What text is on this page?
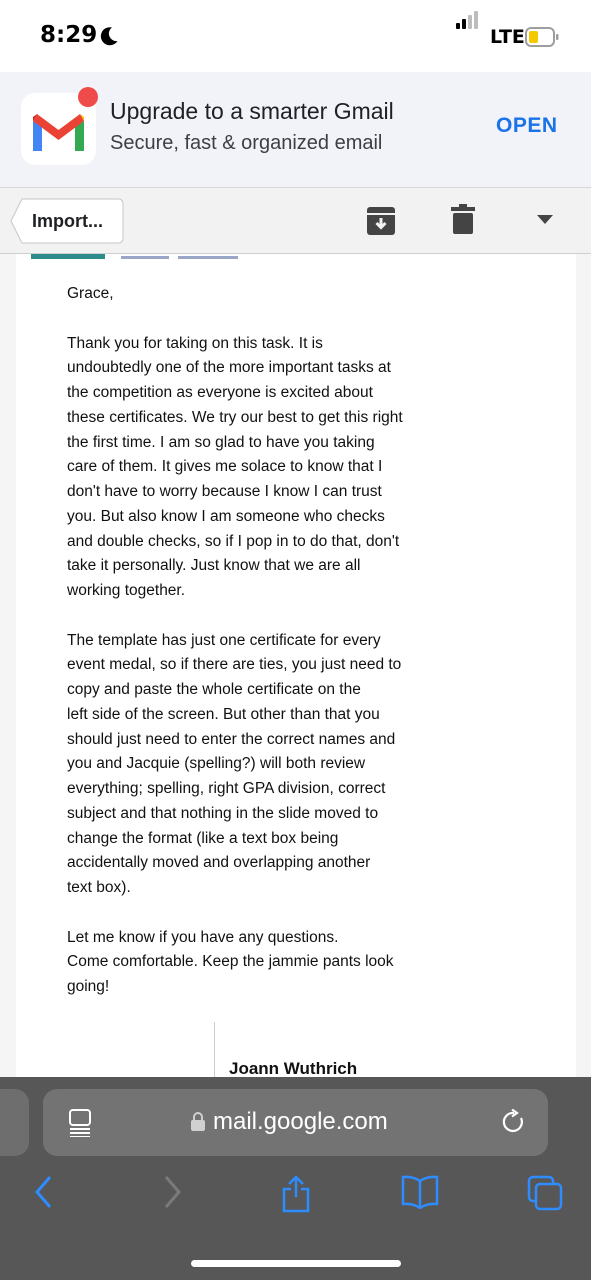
8:29	LTE
Upgrade to a smarter Gmail
Secure, fast & organized email
OPEN
Import...

Grace,

Thank you for taking on this task. It is
undoubtedly one of the more important tasks at
the competition as everyone is excited about
these certificates. We try our best to get this right
the first time. I am so glad to have you taking
care of them. It gives me solace to know that I
don't have to worry because I know I can trust
you. But also know I am someone who checks
and double checks, so if I pop in to do that, don't
take it personally. Just know that we are all
working together.

The template has just one certificate for every
event medal, so if there are ties, you just need to
copy and paste the whole certificate on the
left side of the screen. But other than that you
should just need to enter the correct names and
you and Jacquie (spelling?) will both review
everything; spelling, right GPA division, correct
subject and that nothing in the slide moved to
change the format (like a text box being
accidentally moved and overlapping another
text box).

Let me know if you have any questions.
Come comfortable. Keep the jammie pants look
going!

Joann Wuthrich
mail.google.com
